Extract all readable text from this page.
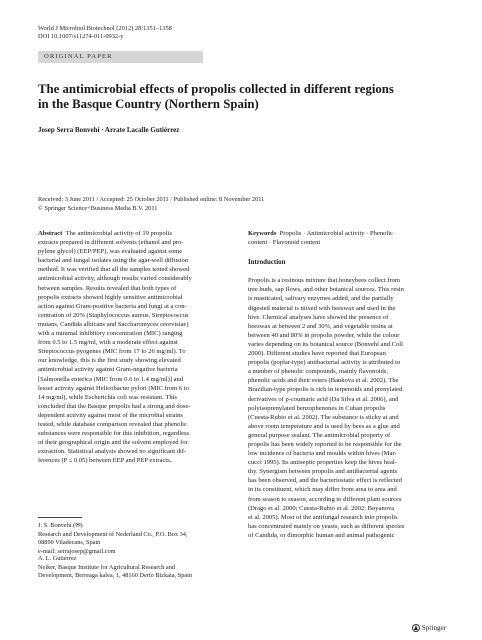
World J Microbiol Biotechnol (2012) 28:1351–1358
DOI 10.1007/s11274-011-0932-y
ORIGINAL PAPER
The antimicrobial effects of propolis collected in different regions
in the Basque Country (Northern Spain)
Josep Serra Bonvehí · Arrate Lacalle Gutiérrez
Received: 3 June 2011 / Accepted: 25 October 2011 / Published online: 8 November 2011
© Springer Science+Business Media B.V. 2011

Abstract The antimicrobial activity of 19 propolis
extracts prepared in different solvents (ethanol and pro-
pylene glycol) (EEP/PEP), was evaluated against some
bacterial and fungal isolates using the agar-well diffusion
method. It was verified that all the samples tested showed
antimicrobial activity, although results varied considerably
between samples. Results revealed that both types of
propolis extracts showed highly sensitive antimicrobial
action against Gram-positive bacteria and fungi at a con-
centration of 20% (Staphylococcus aureus, Streptococcus
mutans, Candida albicans and Saccharomyces cerevisiae)
with a minimal inhibitory concentration (MIC) ranging
from 0.5 to 1.5 mg/ml, with a moderate effect against
Streptococcus pyogenes (MIC from 17 to 26 mg/ml). To
our knowledge, this is the first study showing elevated
antimicrobial activity against Gram-negative bacteria
[Salmonella enterica (MIC from 0.6 to 1.4 mg/ml)] and
lesser activity against Helicobacter pylori (MIC from 6 to
14 mg/ml), while Escherichia coli was resistant. This
concluded that the Basque propolis had a strong and dose-
dependent activity against most of the microbial strains
tested, while database comparison revealed that phenolic
substances were responsible for this inhibition, regardless
of their geographical origin and the solvent employed for
extraction. Statistical analysis showed no significant dif-
ferences (P ≤ 0.05) between EEP and PEP extracts.

J. S. Bonvehí (✉)
Research and Development of Nederland Co., P.O. Box 34,
08890 Viladecans, Spain
e-mail: serrajosep@gmail.com
A. L. Gutiérrez
Neiker, Basque Institute for Agricultural Research and
Development, Berreaga kalea, 1, 48160 Derio Bizkaia, Spain

Keywords Propolis · Antimicrobial activity · Phenolic
content · Flavonoid content

Introduction

Propolis is a resinous mixture that honeybees collect from
tree buds, sap flows, and other botanical sources. This resin
is masticated, salivary enzymes added, and the partially
digested material is mixed with beeswax and used in the
hive. Chemical analyses have showed the presence of
beeswax at between 2 and 30%, and vegetable resins at
between 40 and 80% in propolis powder, while the colour
varies depending on its botanical source (Bonvehí and Coll
2000). Different studies have reported that European
propolis (poplar-type) antibacterial activity is attributed to
a number of phenolic compounds, mainly flavonoids,
phenolic acids and their esters (Bankova et al. 2002). The
Brazilian-type propolis is rich in terpenoids and prenylated
derivatives of p-coumaric acid (Da Silva et al. 2006), and
polyisoprenylated benzophenones in Cuban propolis
(Cuesta-Rubio et al. 2002). The substance is sticky at and
above room temperature and is used by bees as a glue and
general purpose sealant. The antimicrobial property of
propolis has been widely reported to be responsible for the
low incidence of bacteria and moulds within hives (Mar-
cucci 1995). Its antiseptic properties keep the hives heal-
thy. Synergism between propolis and antibacterial agents
has been observed, and the bacteriostatic effect is reflected
in its constituent, which may differ from area to area and
from season to season, according to different plant sources
(Drago et al. 2000; Cuesta-Rubio et al. 2002; Boyanova
et al. 2005). Most of the antifungal research into propolis
has concentrated mainly on yeasts, such as different species
of Candida, or dimorphic human and animal pathogenic

♟ Springer
